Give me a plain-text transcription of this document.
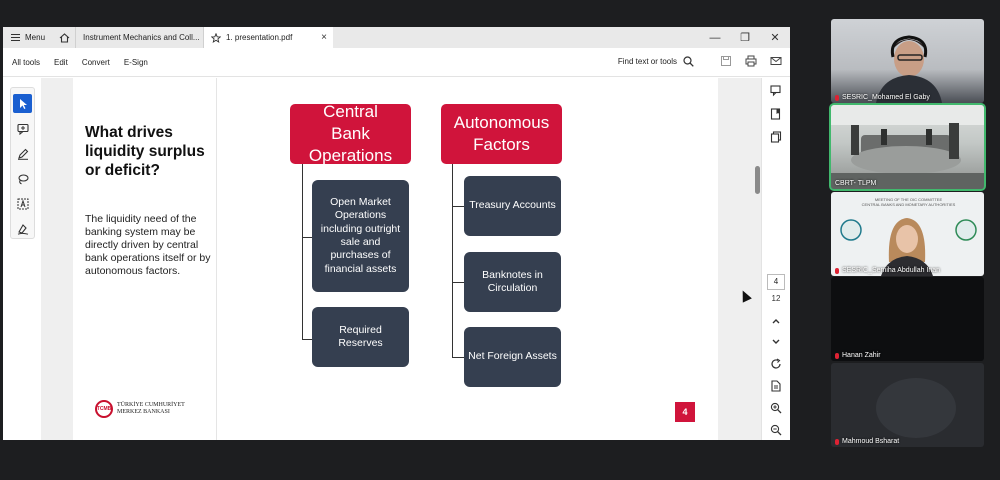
Menu	Instrument Mechanics and Coll...	1. presentation.pdf	×	—	❐	✕
All tools	Edit	Convert	E-Sign	Find text or tools
What drives liquidity surplus or deficit?
The liquidity need of the banking system may be directly driven by central bank operations itself or by autonomous factors.
TCMB
TÜRKİYE CUMHURİYET
MERKEZ BANKASI
Central Bank Operations
Open Market Operations including outright sale and purchases of financial assets
Required Reserves
Autonomous Factors
Treasury Accounts
Banknotes in Circulation
Net Foreign Assets
4
4
12
SESRIC_Mohamed El Gaby
CBRT- TLPM
MEETING OF THE OIC COMMITTEE
CENTRAL BANKS AND MONETARY AUTHORITIES
SESRIC_Semiha Abdullah Inan
Hanan Zahir
Mahmoud Bsharat
